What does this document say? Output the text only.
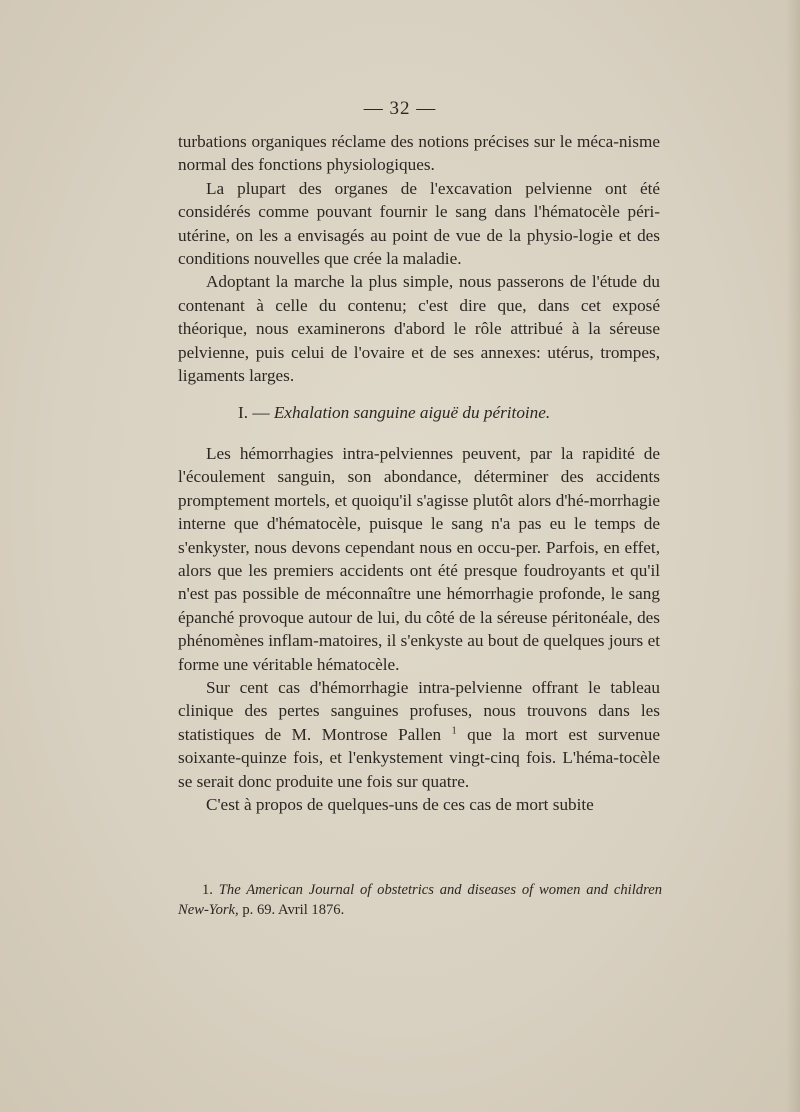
— 32 —

turbations organiques réclame des notions précises sur le méca-nisme normal des fonctions physiologiques.

La plupart des organes de l'excavation pelvienne ont été considérés comme pouvant fournir le sang dans l'hématocèle péri-utérine, on les a envisagés au point de vue de la physio-logie et des conditions nouvelles que crée la maladie.

Adoptant la marche la plus simple, nous passerons de l'étude du contenant à celle du contenu; c'est dire que, dans cet exposé théorique, nous examinerons d'abord le rôle attribué à la séreuse pelvienne, puis celui de l'ovaire et de ses annexes: utérus, trompes, ligaments larges.

I. — Exhalation sanguine aiguë du péritoine.

Les hémorrhagies intra-pelviennes peuvent, par la rapidité de l'écoulement sanguin, son abondance, déterminer des accidents promptement mortels, et quoiqu'il s'agisse plutôt alors d'hé-morrhagie interne que d'hématocèle, puisque le sang n'a pas eu le temps de s'enkyster, nous devons cependant nous en occu-per. Parfois, en effet, alors que les premiers accidents ont été presque foudroyants et qu'il n'est pas possible de méconnaître une hémorrhagie profonde, le sang épanché provoque autour de lui, du côté de la séreuse péritonéale, des phénomènes inflam-matoires, il s'enkyste au bout de quelques jours et forme une véritable hématocèle.

Sur cent cas d'hémorrhagie intra-pelvienne offrant le tableau clinique des pertes sanguines profuses, nous trouvons dans les statistiques de M. Montrose Pallen $^1$ que la mort est survenue soixante-quinze fois, et l'enkystement vingt-cinq fois. L'héma-tocèle se serait donc produite une fois sur quatre.

C'est à propos de quelques-uns de ces cas de mort subite

1. The American Journal of obstetrics and diseases of women and children New-York, p. 69. Avril 1876.
